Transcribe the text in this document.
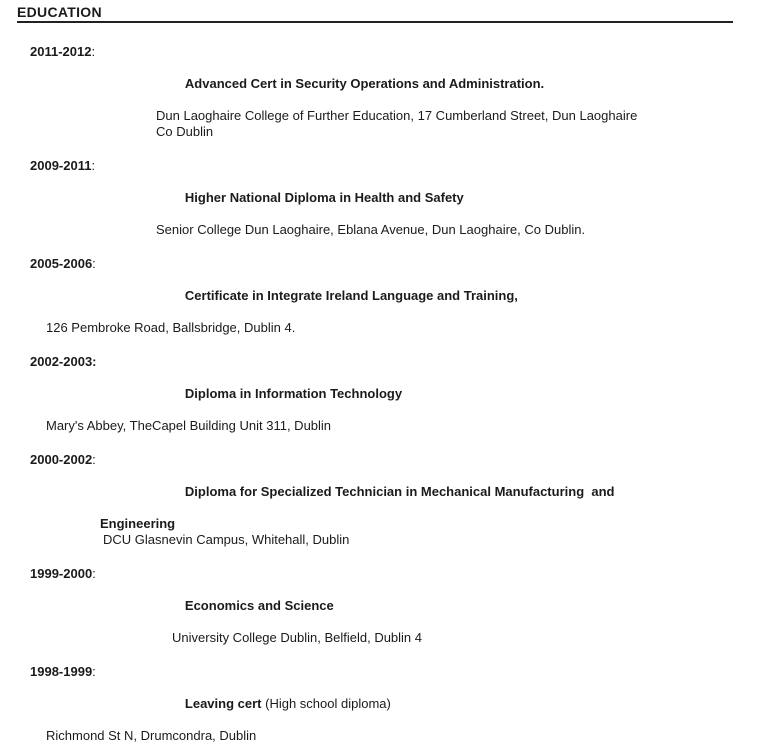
EDUCATION

2011-2012:

Advanced Cert in Security Operations and Administration.

Dun Laoghaire College of Further Education, 17 Cumberland Street, Dun Laoghaire
Co Dublin

2009-2011:

Higher National Diploma in Health and Safety

Senior College Dun Laoghaire, Eblana Avenue, Dun Laoghaire, Co Dublin.

2005-2006:

Certificate in Integrate Ireland Language and Training,

126 Pembroke Road, Ballsbridge, Dublin 4.

2002-2003:

Diploma in Information Technology

Mary's Abbey, TheCapel Building Unit 311, Dublin

2000-2002:

Diploma for Specialized Technician in Mechanical Manufacturing  and

Engineering
DCU Glasnevin Campus, Whitehall, Dublin

1999-2000:

Economics and Science

University College Dublin, Belfield, Dublin 4

1998-1999:

Leaving cert (High school diploma)

Richmond St N, Drumcondra, Dublin
